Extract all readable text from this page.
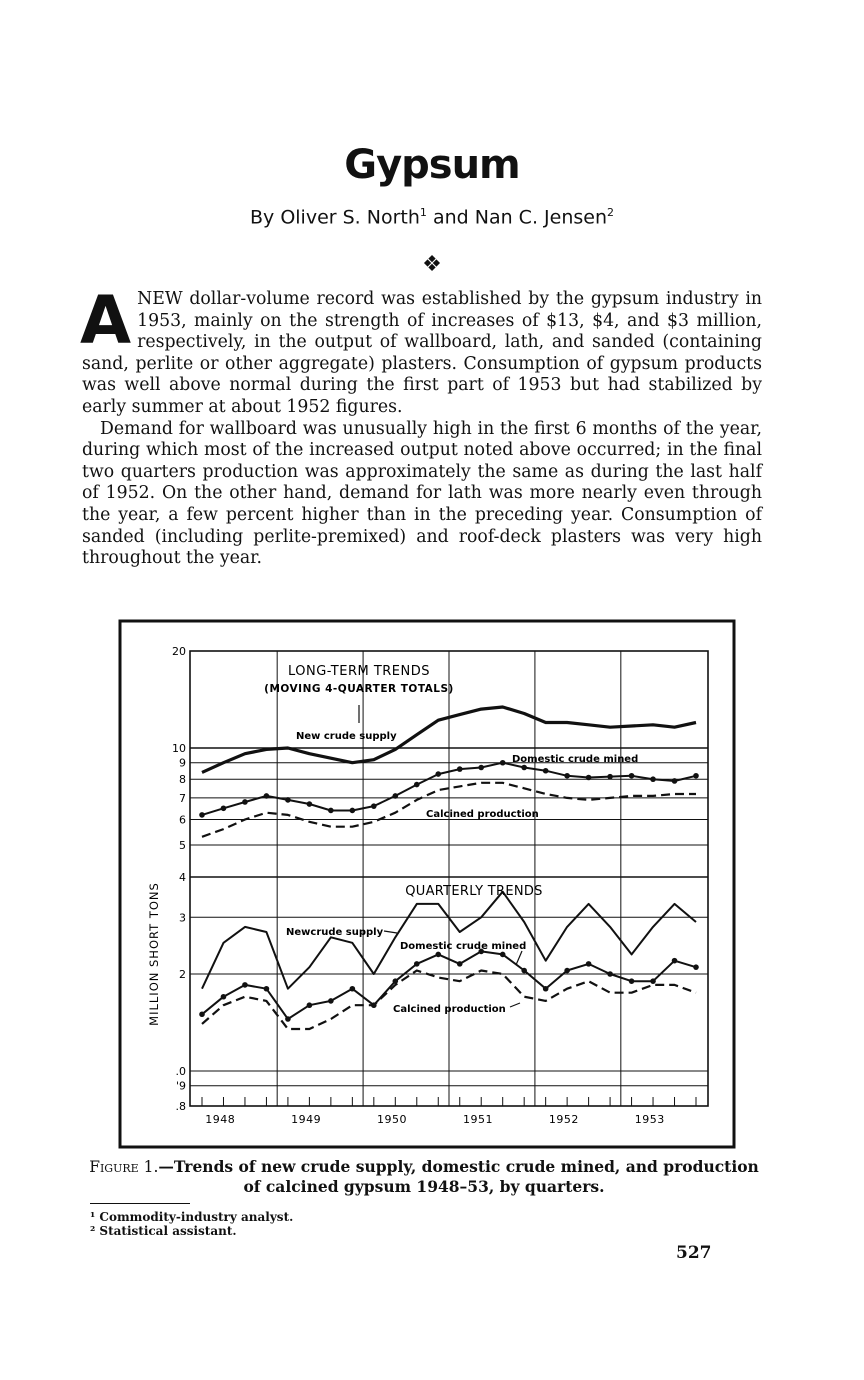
Gypsum
By Oliver S. North$^1$ and Nan C. Jensen$^2$
❖

ANEW dollar-volume record was established by the gypsum industry in 1953, mainly on the strength of increases of $13, $4, and $3 million, respectively, in the output of wallboard, lath, and sanded (containing sand, perlite or other aggregate) plasters. Consumption of gypsum products was well above normal during the first part of 1953 but had stabilized by early summer at about 1952 figures.

Demand for wallboard was unusually high in the first 6 months of the year, during which most of the increased output noted above occurred; in the final two quarters production was approximately the same as during the last half of 1952. On the other hand, demand for lath was more nearly even through the year, a few percent higher than in the preceding year. Consumption of sanded (including perlite-premixed) and roof-deck plasters was very high throughout the year.

20
10
9
8
7
6
5
4
3
2
.0
'9
.8
1948	1949	1950	1951	1952	1953
MILLION SHORT TONS
LONG-TERM TRENDS
(MOVING 4-QUARTER TOTALS)
QUARTERLY TRENDS
New crude supply
Domestic crude mined
Calcined production
Newcrude supply
Domestic crude mined
Calcined production
Figure 1.—Trends of new crude supply, domestic crude mined, and production of calcined gypsum 1948–53, by quarters.
¹ Commodity-industry analyst.
² Statistical assistant.
527
